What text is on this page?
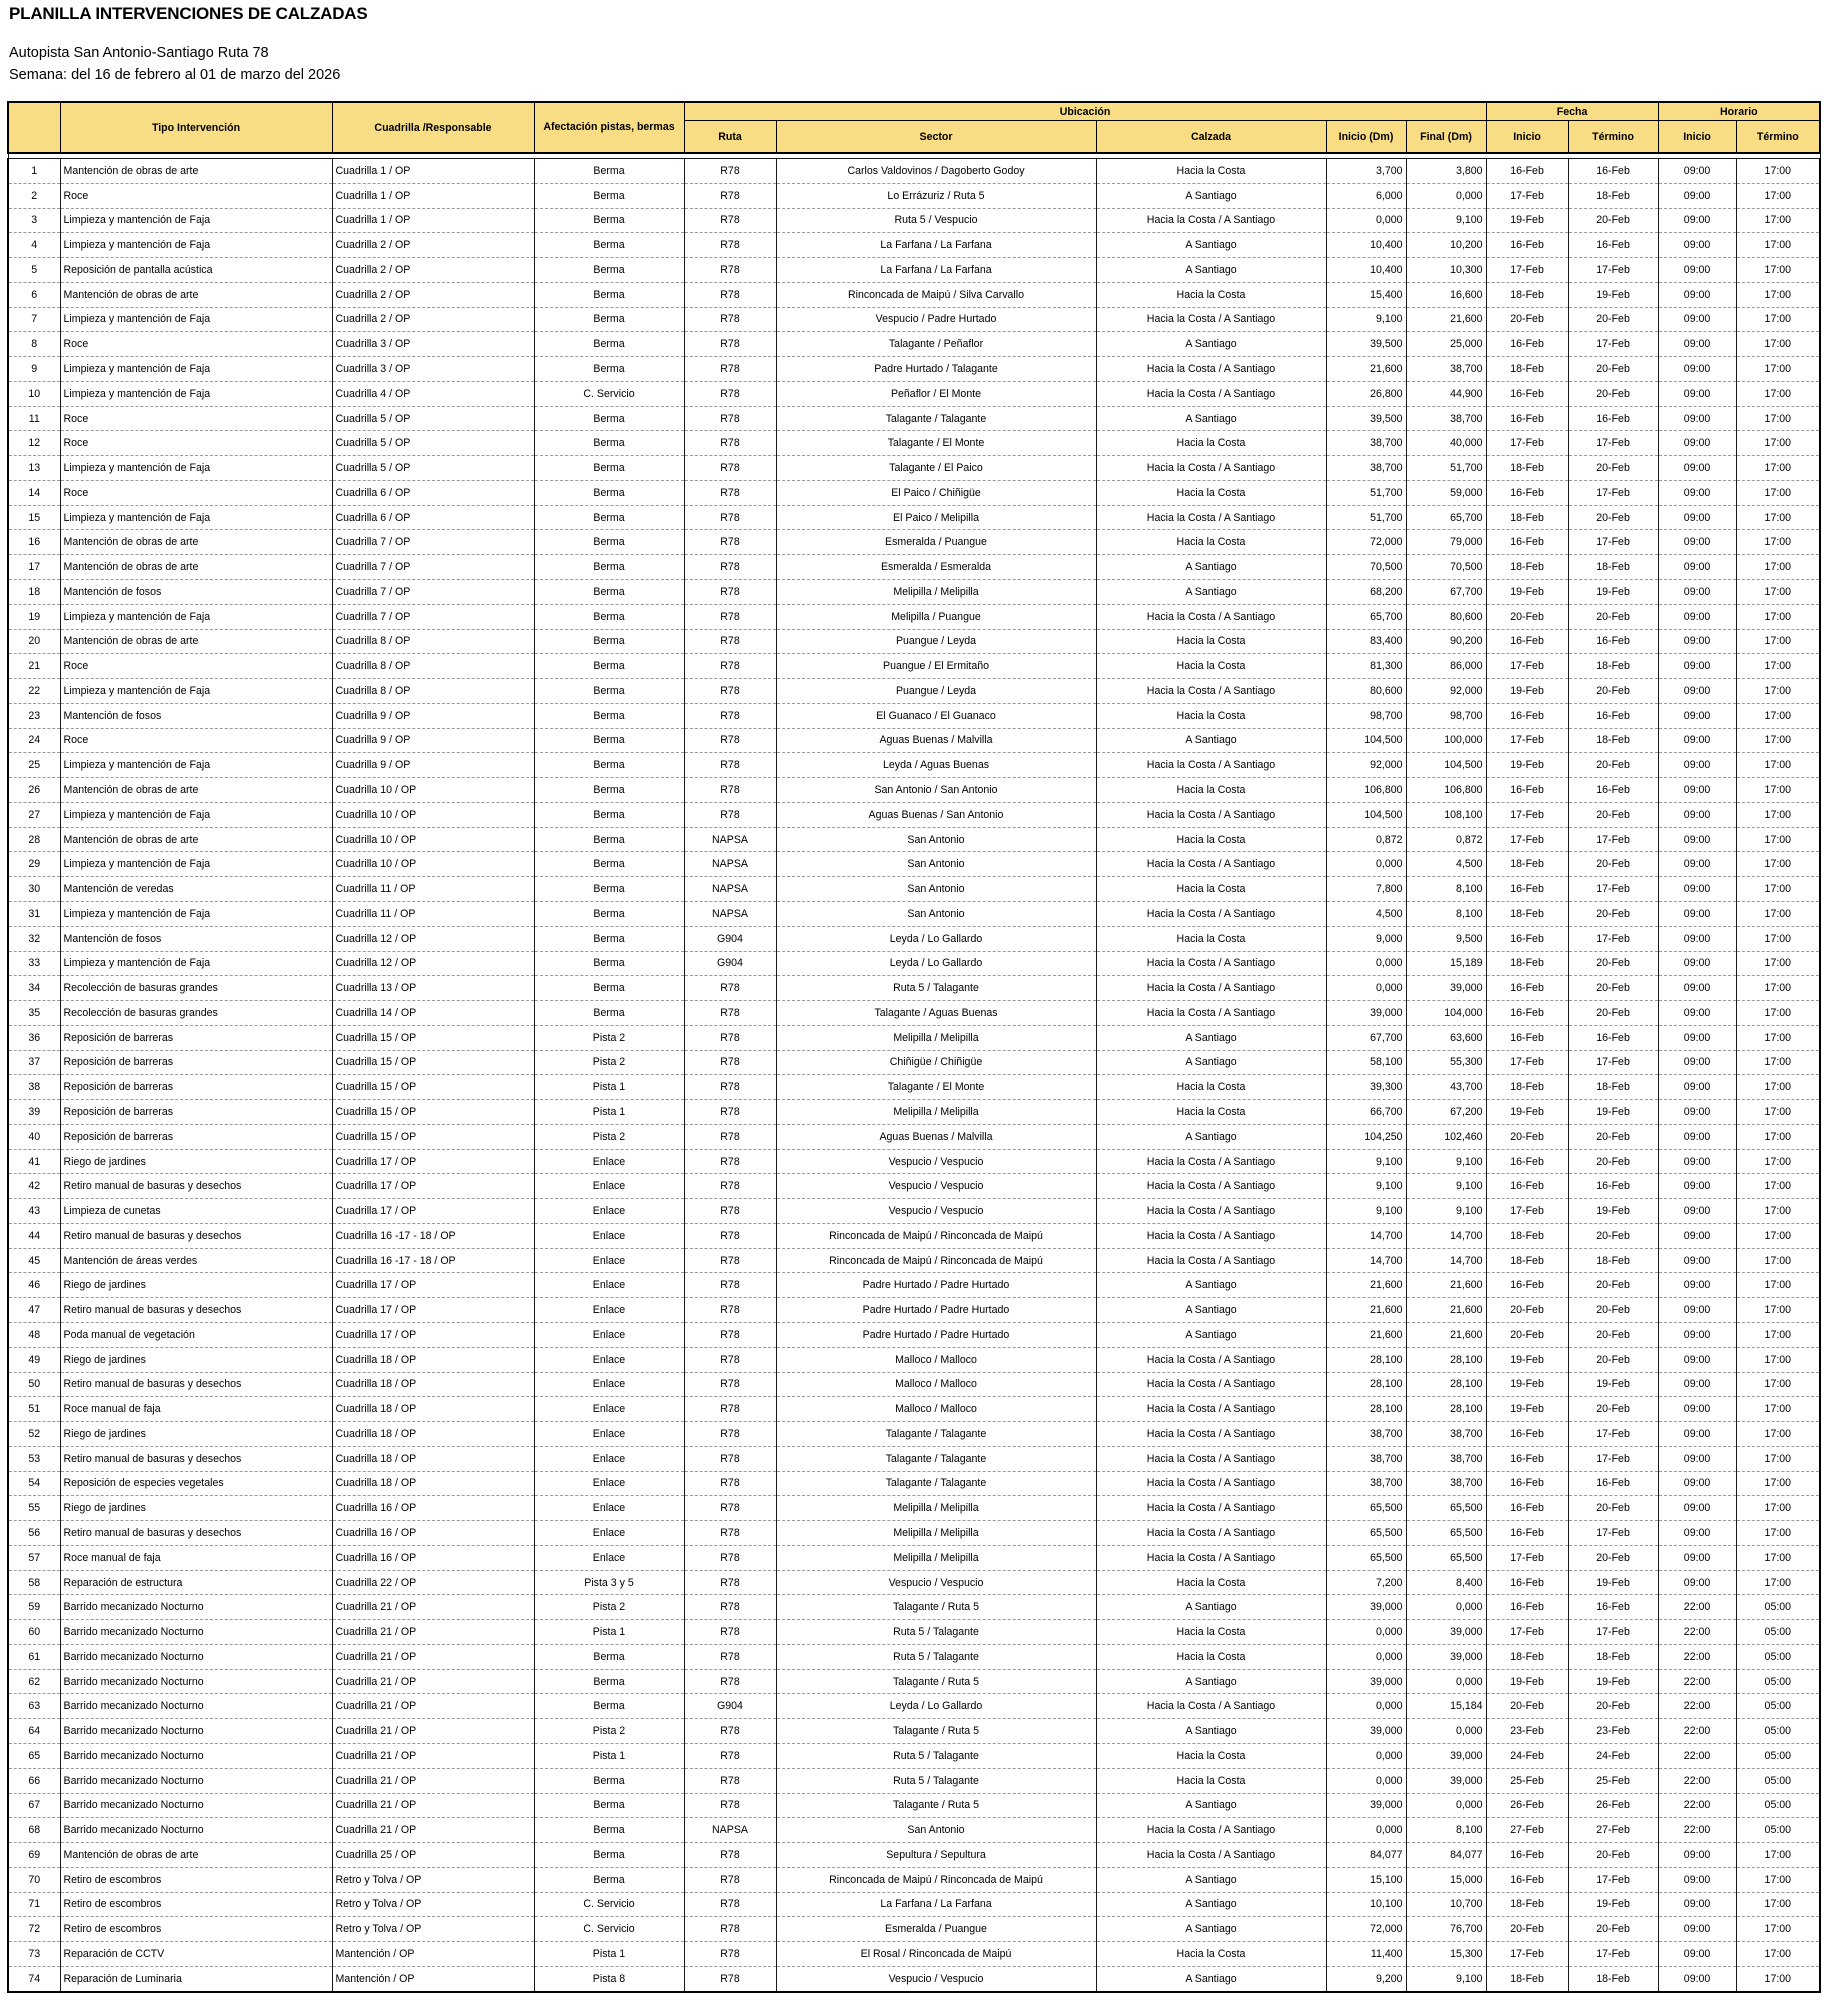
PLANILLA INTERVENCIONES DE CALZADAS
Autopista San Antonio-Santiago Ruta 78
Semana: del 16 de febrero al 01 de marzo del 2026
	Tipo Intervención	Cuadrilla /Responsable	Afectación pistas, bermas	Ubicación					Fecha		Horario	
				Ruta	Sector	Calzada	Inicio (Dm)	Final (Dm)	Inicio	Término	Inicio	Término

1	Mantención de obras de arte	Cuadrilla 1 / OP	Berma	R78	Carlos Valdovinos / Dagoberto Godoy	Hacia la Costa	3,700	3,800	16-Feb	16-Feb	09:00	17:00
2	Roce	Cuadrilla 1 / OP	Berma	R78	Lo Errázuriz / Ruta 5	A Santiago	6,000	0,000	17-Feb	18-Feb	09:00	17:00
3	Limpieza y mantención de Faja	Cuadrilla 1 / OP	Berma	R78	Ruta 5 / Vespucio	Hacia la Costa / A Santiago	0,000	9,100	19-Feb	20-Feb	09:00	17:00
4	Limpieza y mantención de Faja	Cuadrilla 2 / OP	Berma	R78	La Farfana / La Farfana	A Santiago	10,400	10,200	16-Feb	16-Feb	09:00	17:00
5	Reposición de pantalla acústica	Cuadrilla 2 / OP	Berma	R78	La Farfana / La Farfana	A Santiago	10,400	10,300	17-Feb	17-Feb	09:00	17:00
6	Mantención de obras de arte	Cuadrilla 2 / OP	Berma	R78	Rinconcada de Maipú / Silva Carvallo	Hacia la Costa	15,400	16,600	18-Feb	19-Feb	09:00	17:00
7	Limpieza y mantención de Faja	Cuadrilla 2 / OP	Berma	R78	Vespucio / Padre Hurtado	Hacia la Costa / A Santiago	9,100	21,600	20-Feb	20-Feb	09:00	17:00
8	Roce	Cuadrilla 3 / OP	Berma	R78	Talagante / Peñaflor	A Santiago	39,500	25,000	16-Feb	17-Feb	09:00	17:00
9	Limpieza y mantención de Faja	Cuadrilla 3 / OP	Berma	R78	Padre Hurtado / Talagante	Hacia la Costa / A Santiago	21,600	38,700	18-Feb	20-Feb	09:00	17:00
10	Limpieza y mantención de Faja	Cuadrilla 4 / OP	C. Servicio	R78	Peñaflor / El Monte	Hacia la Costa / A Santiago	26,800	44,900	16-Feb	20-Feb	09:00	17:00
11	Roce	Cuadrilla 5 / OP	Berma	R78	Talagante / Talagante	A Santiago	39,500	38,700	16-Feb	16-Feb	09:00	17:00
12	Roce	Cuadrilla 5 / OP	Berma	R78	Talagante / El Monte	Hacia la Costa	38,700	40,000	17-Feb	17-Feb	09:00	17:00
13	Limpieza y mantención de Faja	Cuadrilla 5 / OP	Berma	R78	Talagante / El Paico	Hacia la Costa / A Santiago	38,700	51,700	18-Feb	20-Feb	09:00	17:00
14	Roce	Cuadrilla 6 / OP	Berma	R78	El Paico / Chiñigüe	Hacia la Costa	51,700	59,000	16-Feb	17-Feb	09:00	17:00
15	Limpieza y mantención de Faja	Cuadrilla 6 / OP	Berma	R78	El Paico / Melipilla	Hacia la Costa / A Santiago	51,700	65,700	18-Feb	20-Feb	09:00	17:00
16	Mantención de obras de arte	Cuadrilla 7 / OP	Berma	R78	Esmeralda / Puangue	Hacia la Costa	72,000	79,000	16-Feb	17-Feb	09:00	17:00
17	Mantención de obras de arte	Cuadrilla 7 / OP	Berma	R78	Esmeralda / Esmeralda	A Santiago	70,500	70,500	18-Feb	18-Feb	09:00	17:00
18	Mantención de fosos	Cuadrilla 7 / OP	Berma	R78	Melipilla / Melipilla	A Santiago	68,200	67,700	19-Feb	19-Feb	09:00	17:00
19	Limpieza y mantención de Faja	Cuadrilla 7 / OP	Berma	R78	Melipilla / Puangue	Hacia la Costa / A Santiago	65,700	80,600	20-Feb	20-Feb	09:00	17:00
20	Mantención de obras de arte	Cuadrilla 8 / OP	Berma	R78	Puangue / Leyda	Hacia la Costa	83,400	90,200	16-Feb	16-Feb	09:00	17:00
21	Roce	Cuadrilla 8 / OP	Berma	R78	Puangue / El Ermitaño	Hacia la Costa	81,300	86,000	17-Feb	18-Feb	09:00	17:00
22	Limpieza y mantención de Faja	Cuadrilla 8 / OP	Berma	R78	Puangue / Leyda	Hacia la Costa / A Santiago	80,600	92,000	19-Feb	20-Feb	09:00	17:00
23	Mantención de fosos	Cuadrilla 9 / OP	Berma	R78	El Guanaco / El Guanaco	Hacia la Costa	98,700	98,700	16-Feb	16-Feb	09:00	17:00
24	Roce	Cuadrilla 9 / OP	Berma	R78	Aguas Buenas / Malvilla	A Santiago	104,500	100,000	17-Feb	18-Feb	09:00	17:00
25	Limpieza y mantención de Faja	Cuadrilla 9 / OP	Berma	R78	Leyda / Aguas Buenas	Hacia la Costa / A Santiago	92,000	104,500	19-Feb	20-Feb	09:00	17:00
26	Mantención de obras de arte	Cuadrilla 10 / OP	Berma	R78	San Antonio / San Antonio	Hacia la Costa	106,800	106,800	16-Feb	16-Feb	09:00	17:00
27	Limpieza y mantención de Faja	Cuadrilla 10 / OP	Berma	R78	Aguas Buenas / San Antonio	Hacia la Costa / A Santiago	104,500	108,100	17-Feb	20-Feb	09:00	17:00
28	Mantención de obras de arte	Cuadrilla 10 / OP	Berma	NAPSA	San Antonio	Hacia la Costa	0,872	0,872	17-Feb	17-Feb	09:00	17:00
29	Limpieza y mantención de Faja	Cuadrilla 10 / OP	Berma	NAPSA	San Antonio	Hacia la Costa / A Santiago	0,000	4,500	18-Feb	20-Feb	09:00	17:00
30	Mantención de veredas	Cuadrilla 11 / OP	Berma	NAPSA	San Antonio	Hacia la Costa	7,800	8,100	16-Feb	17-Feb	09:00	17:00
31	Limpieza y mantención de Faja	Cuadrilla 11 / OP	Berma	NAPSA	San Antonio	Hacia la Costa / A Santiago	4,500	8,100	18-Feb	20-Feb	09:00	17:00
32	Mantención de fosos	Cuadrilla 12 / OP	Berma	G904	Leyda / Lo Gallardo	Hacia la Costa	9,000	9,500	16-Feb	17-Feb	09:00	17:00
33	Limpieza y mantención de Faja	Cuadrilla 12 / OP	Berma	G904	Leyda / Lo Gallardo	Hacia la Costa / A Santiago	0,000	15,189	18-Feb	20-Feb	09:00	17:00
34	Recolección de basuras grandes	Cuadrilla 13 / OP	Berma	R78	Ruta 5 / Talagante	Hacia la Costa / A Santiago	0,000	39,000	16-Feb	20-Feb	09:00	17:00
35	Recolección de basuras grandes	Cuadrilla 14 / OP	Berma	R78	Talagante / Aguas Buenas	Hacia la Costa / A Santiago	39,000	104,000	16-Feb	20-Feb	09:00	17:00
36	Reposición de barreras	Cuadrilla 15 / OP	Pista 2	R78	Melipilla / Melipilla	A Santiago	67,700	63,600	16-Feb	16-Feb	09:00	17:00
37	Reposición de barreras	Cuadrilla 15 / OP	Pista 2	R78	Chiñigüe / Chiñigüe	A Santiago	58,100	55,300	17-Feb	17-Feb	09:00	17:00
38	Reposición de barreras	Cuadrilla 15 / OP	Pista 1	R78	Talagante / El Monte	Hacia la Costa	39,300	43,700	18-Feb	18-Feb	09:00	17:00
39	Reposición de barreras	Cuadrilla 15 / OP	Pista 1	R78	Melipilla / Melipilla	Hacia la Costa	66,700	67,200	19-Feb	19-Feb	09:00	17:00
40	Reposición de barreras	Cuadrilla 15 / OP	Pista 2	R78	Aguas Buenas / Malvilla	A Santiago	104,250	102,460	20-Feb	20-Feb	09:00	17:00
41	Riego de jardines	Cuadrilla 17 / OP	Enlace	R78	Vespucio / Vespucio	Hacia la Costa / A Santiago	9,100	9,100	16-Feb	20-Feb	09:00	17:00
42	Retiro manual de basuras y desechos	Cuadrilla 17 / OP	Enlace	R78	Vespucio / Vespucio	Hacia la Costa / A Santiago	9,100	9,100	16-Feb	16-Feb	09:00	17:00
43	Limpieza de cunetas	Cuadrilla 17 / OP	Enlace	R78	Vespucio / Vespucio	Hacia la Costa / A Santiago	9,100	9,100	17-Feb	19-Feb	09:00	17:00
44	Retiro manual de basuras y desechos	Cuadrilla 16 -17 - 18 / OP	Enlace	R78	Rinconcada de Maipú / Rinconcada de Maipú	Hacia la Costa / A Santiago	14,700	14,700	18-Feb	20-Feb	09:00	17:00
45	Mantención de áreas verdes	Cuadrilla 16 -17 - 18 / OP	Enlace	R78	Rinconcada de Maipú / Rinconcada de Maipú	Hacia la Costa / A Santiago	14,700	14,700	18-Feb	18-Feb	09:00	17:00
46	Riego de jardines	Cuadrilla 17 / OP	Enlace	R78	Padre Hurtado / Padre Hurtado	A Santiago	21,600	21,600	16-Feb	20-Feb	09:00	17:00
47	Retiro manual de basuras y desechos	Cuadrilla 17 / OP	Enlace	R78	Padre Hurtado / Padre Hurtado	A Santiago	21,600	21,600	20-Feb	20-Feb	09:00	17:00
48	Poda manual de vegetación	Cuadrilla 17 / OP	Enlace	R78	Padre Hurtado / Padre Hurtado	A Santiago	21,600	21,600	20-Feb	20-Feb	09:00	17:00
49	Riego de jardines	Cuadrilla 18 / OP	Enlace	R78	Malloco / Malloco	Hacia la Costa / A Santiago	28,100	28,100	19-Feb	20-Feb	09:00	17:00
50	Retiro manual de basuras y desechos	Cuadrilla 18 / OP	Enlace	R78	Malloco / Malloco	Hacia la Costa / A Santiago	28,100	28,100	19-Feb	19-Feb	09:00	17:00
51	Roce manual de faja	Cuadrilla 18 / OP	Enlace	R78	Malloco / Malloco	Hacia la Costa / A Santiago	28,100	28,100	19-Feb	20-Feb	09:00	17:00
52	Riego de jardines	Cuadrilla 18 / OP	Enlace	R78	Talagante / Talagante	Hacia la Costa / A Santiago	38,700	38,700	16-Feb	17-Feb	09:00	17:00
53	Retiro manual de basuras y desechos	Cuadrilla 18 / OP	Enlace	R78	Talagante / Talagante	Hacia la Costa / A Santiago	38,700	38,700	16-Feb	17-Feb	09:00	17:00
54	Reposición de especies vegetales	Cuadrilla 18 / OP	Enlace	R78	Talagante / Talagante	Hacia la Costa / A Santiago	38,700	38,700	16-Feb	16-Feb	09:00	17:00
55	Riego de jardines	Cuadrilla 16 / OP	Enlace	R78	Melipilla / Melipilla	Hacia la Costa / A Santiago	65,500	65,500	16-Feb	20-Feb	09:00	17:00
56	Retiro manual de basuras y desechos	Cuadrilla 16 / OP	Enlace	R78	Melipilla / Melipilla	Hacia la Costa / A Santiago	65,500	65,500	16-Feb	17-Feb	09:00	17:00
57	Roce manual de faja	Cuadrilla 16 / OP	Enlace	R78	Melipilla / Melipilla	Hacia la Costa / A Santiago	65,500	65,500	17-Feb	20-Feb	09:00	17:00
58	Reparación de estructura	Cuadrilla 22 / OP	Pista 3 y 5	R78	Vespucio / Vespucio	Hacia la Costa	7,200	8,400	16-Feb	19-Feb	09:00	17:00
59	Barrido mecanizado Nocturno	Cuadrilla 21 / OP	Pista 2	R78	Talagante / Ruta 5	A Santiago	39,000	0,000	16-Feb	16-Feb	22:00	05:00
60	Barrido mecanizado Nocturno	Cuadrilla 21 / OP	Pista 1	R78	Ruta 5 / Talagante	Hacia la Costa	0,000	39,000	17-Feb	17-Feb	22:00	05:00
61	Barrido mecanizado Nocturno	Cuadrilla 21 / OP	Berma	R78	Ruta 5 / Talagante	Hacia la Costa	0,000	39,000	18-Feb	18-Feb	22:00	05:00
62	Barrido mecanizado Nocturno	Cuadrilla 21 / OP	Berma	R78	Talagante / Ruta 5	A Santiago	39,000	0,000	19-Feb	19-Feb	22:00	05:00
63	Barrido mecanizado Nocturno	Cuadrilla 21 / OP	Berma	G904	Leyda / Lo Gallardo	Hacia la Costa / A Santiago	0,000	15,184	20-Feb	20-Feb	22:00	05:00
64	Barrido mecanizado Nocturno	Cuadrilla 21 / OP	Pista 2	R78	Talagante / Ruta 5	A Santiago	39,000	0,000	23-Feb	23-Feb	22:00	05:00
65	Barrido mecanizado Nocturno	Cuadrilla 21 / OP	Pista 1	R78	Ruta 5 / Talagante	Hacia la Costa	0,000	39,000	24-Feb	24-Feb	22:00	05:00
66	Barrido mecanizado Nocturno	Cuadrilla 21 / OP	Berma	R78	Ruta 5 / Talagante	Hacia la Costa	0,000	39,000	25-Feb	25-Feb	22:00	05:00
67	Barrido mecanizado Nocturno	Cuadrilla 21 / OP	Berma	R78	Talagante / Ruta 5	A Santiago	39,000	0,000	26-Feb	26-Feb	22:00	05:00
68	Barrido mecanizado Nocturno	Cuadrilla 21 / OP	Berma	NAPSA	San Antonio	Hacia la Costa / A Santiago	0,000	8,100	27-Feb	27-Feb	22:00	05:00
69	Mantención de obras de arte	Cuadrilla 25 / OP	Berma	R78	Sepultura / Sepultura	Hacia la Costa / A Santiago	84,077	84,077	16-Feb	20-Feb	09:00	17:00
70	Retiro de escombros	Retro y Tolva / OP	Berma	R78	Rinconcada de Maipú / Rinconcada de Maipú	A Santiago	15,100	15,000	16-Feb	17-Feb	09:00	17:00
71	Retiro de escombros	Retro y Tolva / OP	C. Servicio	R78	La Farfana / La Farfana	A Santiago	10,100	10,700	18-Feb	19-Feb	09:00	17:00
72	Retiro de escombros	Retro y Tolva / OP	C. Servicio	R78	Esmeralda / Puangue	A Santiago	72,000	76,700	20-Feb	20-Feb	09:00	17:00
73	Reparación de CCTV	Mantención / OP	Pista 1	R78	El Rosal / Rinconcada de Maipú	Hacia la Costa	11,400	15,300	17-Feb	17-Feb	09:00	17:00
74	Reparación de Luminaria	Mantención / OP	Pista 8	R78	Vespucio / Vespucio	A Santiago	9,200	9,100	18-Feb	18-Feb	09:00	17:00
